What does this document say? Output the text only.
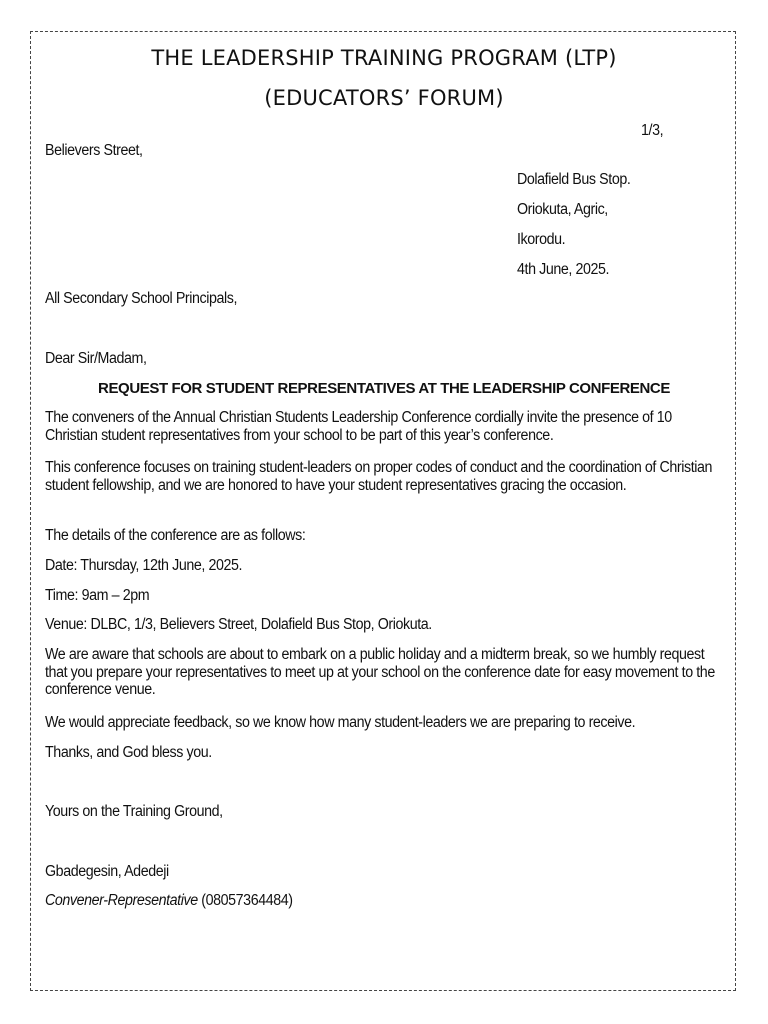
THE LEADERSHIP TRAINING PROGRAM (LTP)
(EDUCATORS’ FORUM)
1/3,
Believers Street,
Dolafield Bus Stop.
Oriokuta, Agric,
Ikorodu.
4th June, 2025.
All Secondary School Principals,
Dear Sir/Madam,
REQUEST FOR STUDENT REPRESENTATIVES AT THE LEADERSHIP CONFERENCE
The conveners of the Annual Christian Students Leadership Conference cordially invite the presence of 10 Christian student representatives from your school to be part of this year’s conference.
This conference focuses on training student-leaders on proper codes of conduct and the coordination of Christian student fellowship, and we are honored to have your student representatives gracing the occasion.
The details of the conference are as follows:
Date: Thursday, 12th June, 2025.
Time: 9am – 2pm
Venue: DLBC, 1/3, Believers Street, Dolafield Bus Stop, Oriokuta.
We are aware that schools are about to embark on a public holiday and a midterm break, so we humbly request that you prepare your representatives to meet up at your school on the conference date for easy movement to the conference venue.
We would appreciate feedback, so we know how many student-leaders we are preparing to receive.
Thanks, and God bless you.
Yours on the Training Ground,
Gbadegesin, Adedeji
Convener-Representative (08057364484)
